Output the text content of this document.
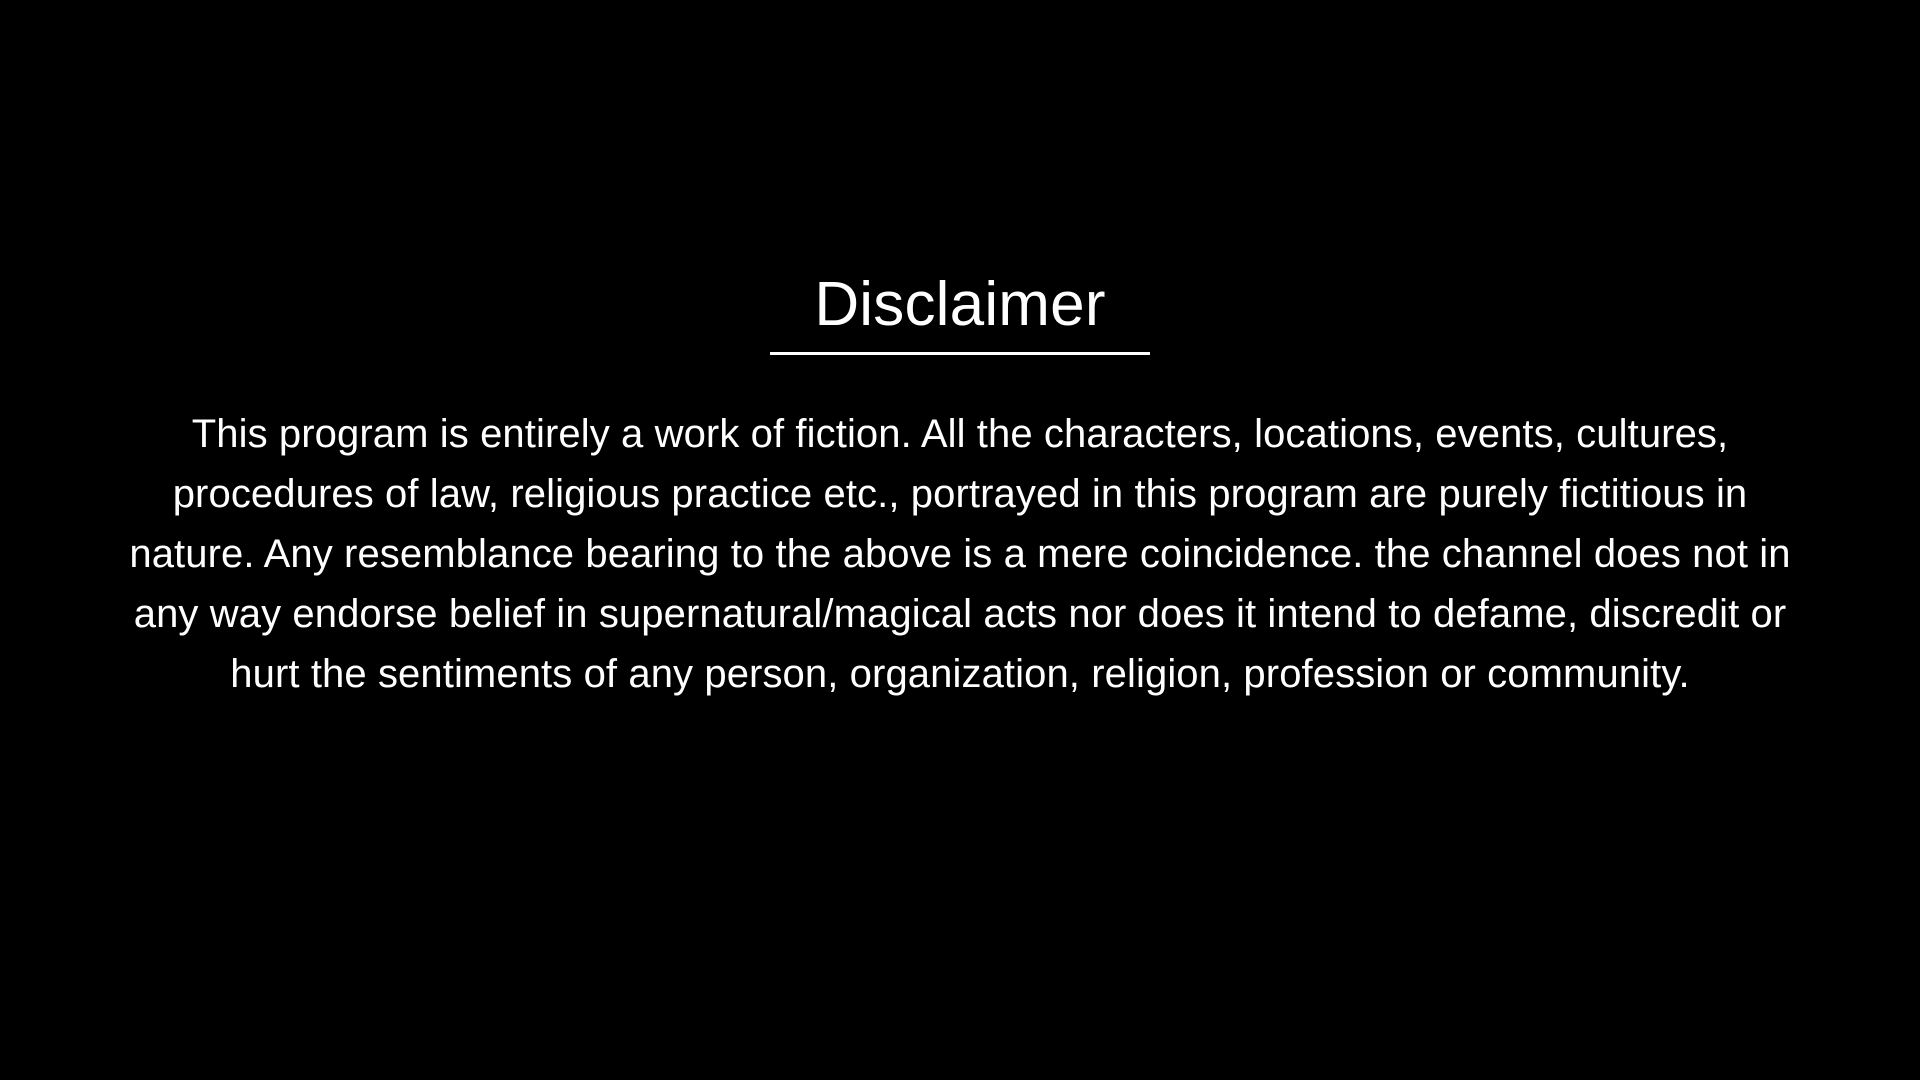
Disclaimer

This program is entirely a work of fiction. All the characters, locations, events, cultures, procedures of law, religious practice etc., portrayed in this program are purely fictitious in nature. Any resemblance bearing to the above is a mere coincidence. the channel does not in any way endorse belief in supernatural/magical acts nor does it intend to defame, discredit or hurt the sentiments of any person, organization, religion, profession or community.
